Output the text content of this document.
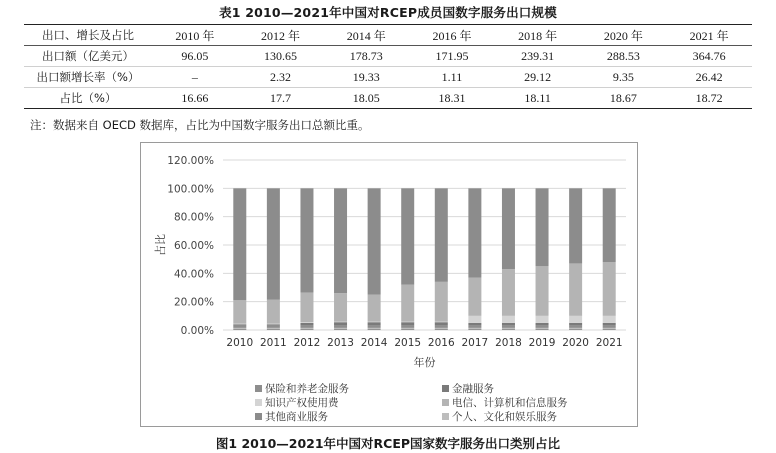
表1 2010—2021年中国对RCEP成员国数字服务出口规模
出口、增长及占比	2010 年	2012 年	2014 年	2016 年	2018 年	2020 年	2021 年
出口额（亿美元）	96.05	130.65	178.73	171.95	239.31	288.53	364.76
出口额增长率（%）	–	2.32	19.33	1.11	29.12	9.35	26.42
占比（%）	16.66	17.7	18.05	18.31	18.11	18.67	18.72
注：数据来自 OECD 数据库，占比为中国数字服务出口总额比重。
0.00%
20.00%
40.00%
60.00%
80.00%
100.00%
120.00%
2010 2011 2012 2013 2014 2015 2016 2017 2018 2019 2020 2021
年份
占比
保险和养老金服务	金融服务
知识产权使用费	电信、计算机和信息服务
其他商业服务	个人、文化和娱乐服务
图1 2010—2021年中国对RCEP国家数字服务出口类别占比
